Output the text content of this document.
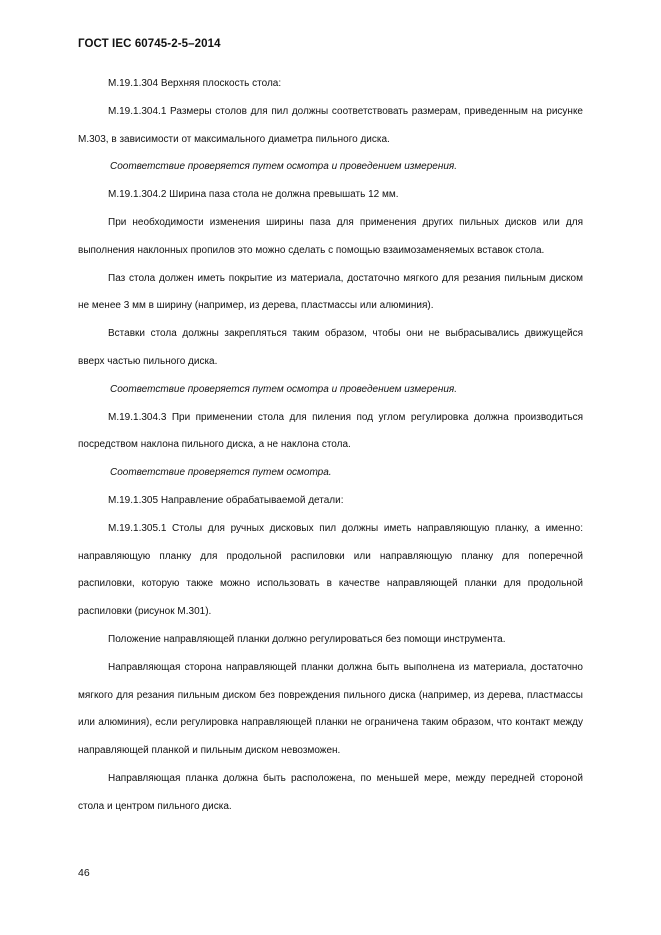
ГОСТ IEC 60745-2-5–2014

M.19.1.304 Верхняя плоскость стола:

M.19.1.304.1 Размеры столов для пил должны соответствовать размерам, приведенным на рисунке M.303, в зависимости от максимального диаметра пильного диска.

Соответствие проверяется путем осмотра и проведением измерения.

M.19.1.304.2 Ширина паза стола не должна превышать 12 мм.

При необходимости изменения ширины паза для применения других пильных дисков или для выполнения наклонных пропилов это можно сделать с помощью взаимозаменяемых вставок стола.

Паз стола должен иметь покрытие из материала, достаточно мягкого для резания пильным диском не менее 3 мм в ширину (например, из дерева, пластмассы или алюминия).

Вставки стола должны закрепляться таким образом, чтобы они не выбрасывались движущейся вверх частью пильного диска.

Соответствие проверяется путем осмотра и проведением измерения.

M.19.1.304.3 При применении стола для пиления под углом регулировка должна производиться посредством наклона пильного диска, а не наклона стола.

Соответствие проверяется путем осмотра.

M.19.1.305 Направление обрабатываемой детали:

M.19.1.305.1 Столы для ручных дисковых пил должны иметь направляющую планку, а именно: направляющую планку для продольной распиловки или направляющую планку для поперечной распиловки, которую также можно использовать в качестве направляющей планки для продольной распиловки (рисунок M.301).

Положение направляющей планки должно регулироваться без помощи инструмента.

Направляющая сторона направляющей планки должна быть выполнена из материала, достаточно мягкого для резания пильным диском без повреждения пильного диска (например, из дерева, пластмассы или алюминия), если регулировка направляющей планки не ограничена таким образом, что контакт между направляющей планкой и пильным диском невозможен.

Направляющая планка должна быть расположена, по меньшей мере, между передней стороной стола и центром пильного диска.

46
